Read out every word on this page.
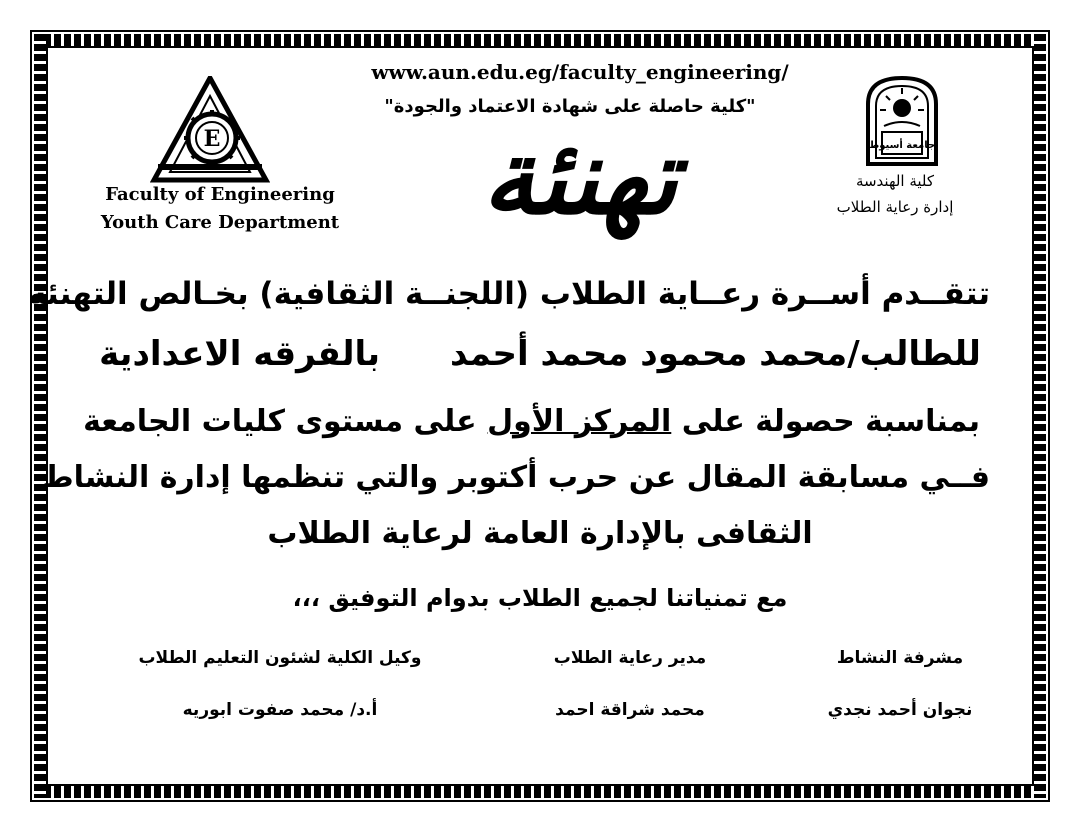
www.aun.edu.eg/faculty_engineering/
"كلية حاصلة على شهادة الاعتماد والجودة"
تهنئة
E
Faculty of Engineering
Youth Care Department
جامعة أسيوط
كلية الهندسة
إدارة رعاية الطلاب
تتقــدم أســرة رعــاية الطلاب (اللجنــة الثقافية) بخـالص التهنئة
للطالب/محمد محمود محمد أحمدبالفرقه الاعدادية
بمناسبة حصولة على المركز الأول على مستوى كليات الجامعة
فــي مسابقة المقال عن حرب أكتوبر والتي تنظمها إدارة النشاط
الثقافى بالإدارة العامة لرعاية الطلاب
مع تمنياتنا لجميع الطلاب بدوام التوفيق ،،،
مشرفة النشاط
مدير رعاية الطلاب
وكيل الكلية لشئون التعليم الطلاب
نجوان أحمد نجدي
محمد شراقة احمد
أ.د/ محمد صفوت ابوريه
